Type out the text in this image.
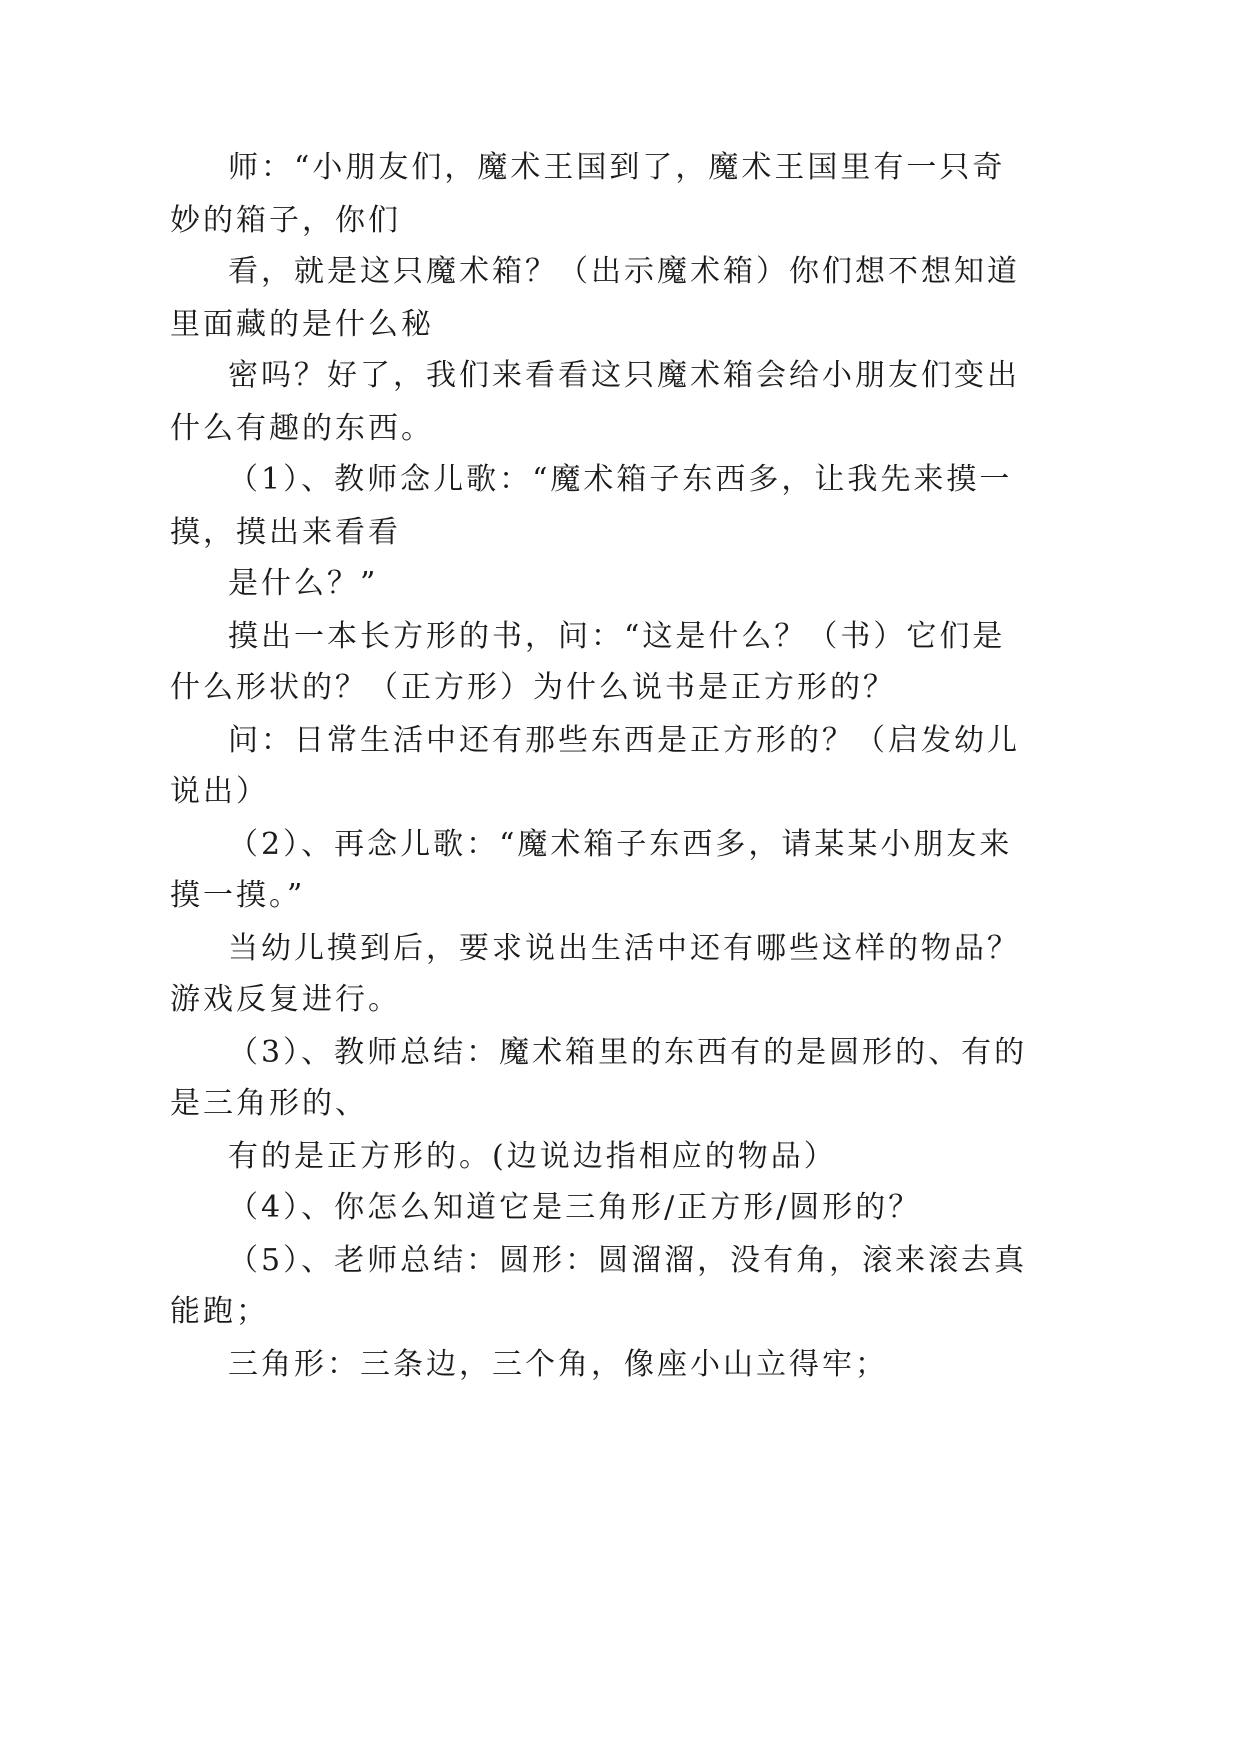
师：“小朋友们，魔术王国到了，魔术王国里有一只奇
妙的箱子，你们
看，就是这只魔术箱？（出示魔术箱）你们想不想知道
里面藏的是什么秘
密吗？好了，我们来看看这只魔术箱会给小朋友们变出
什么有趣的东西。
（1）、教师念儿歌：“魔术箱子东西多，让我先来摸一
摸，摸出来看看
是什么？”
摸出一本长方形的书，问：“这是什么？（书）它们是
什么形状的？（正方形）为什么说书是正方形的？
问：日常生活中还有那些东西是正方形的？（启发幼儿
说出）
（2）、再念儿歌：“魔术箱子东西多，请某某小朋友来
摸一摸。”
当幼儿摸到后，要求说出生活中还有哪些这样的物品？
游戏反复进行。
（3）、教师总结：魔术箱里的东西有的是圆形的、有的
是三角形的、
有的是正方形的。(边说边指相应的物品）
（4）、你怎么知道它是三角形/正方形/圆形的？
（5）、老师总结：圆形：圆溜溜，没有角，滚来滚去真
能跑；
三角形：三条边，三个角，像座小山立得牢；
